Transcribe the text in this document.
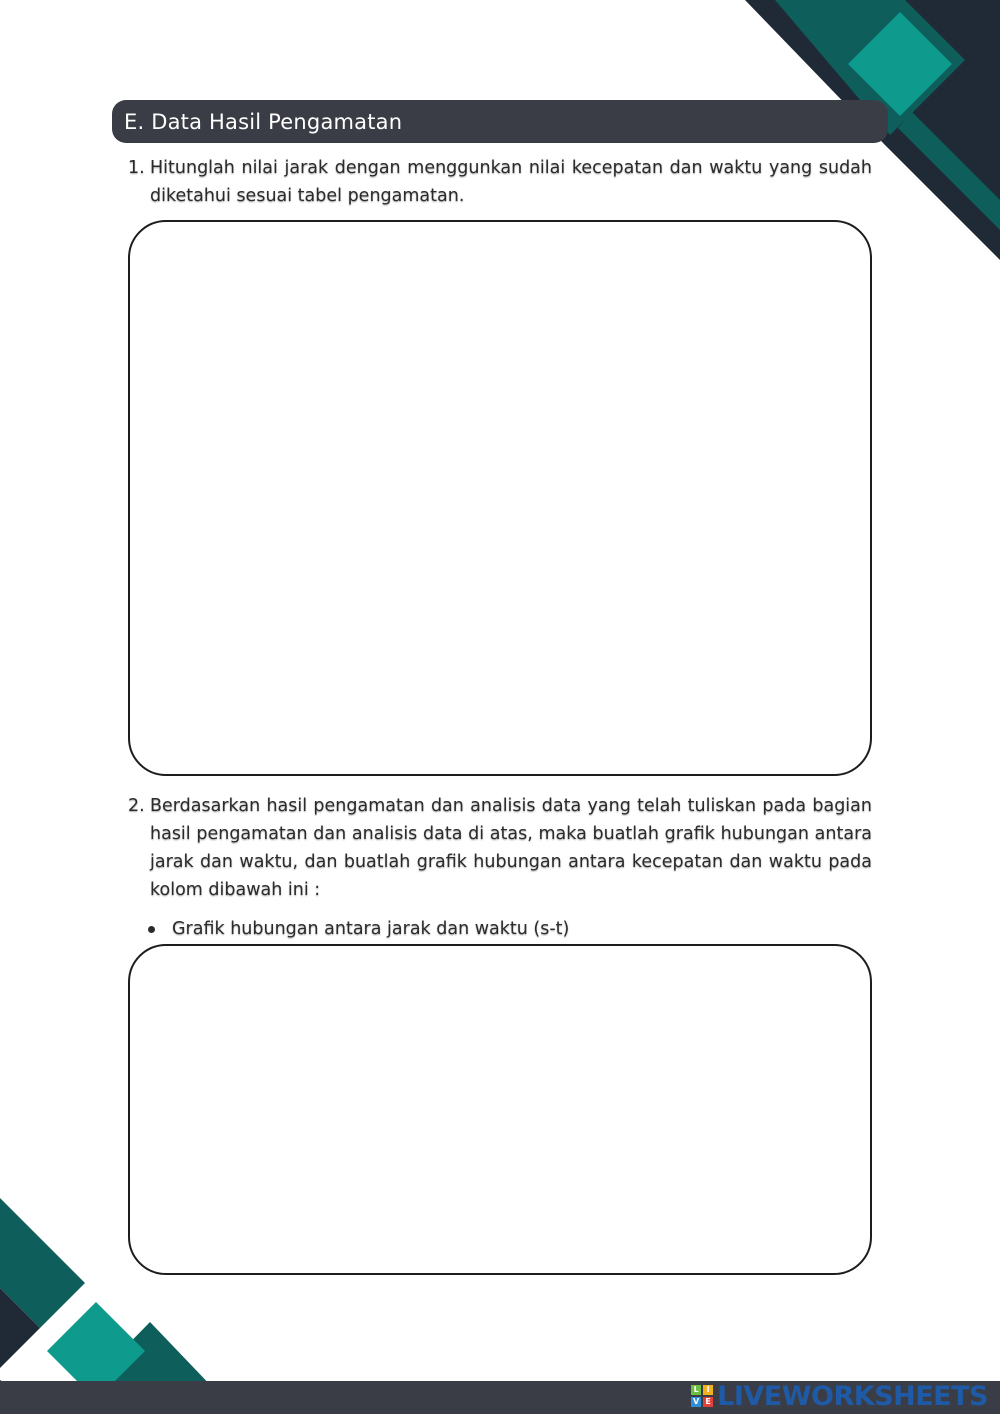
E. Data Hasil Pengamatan
1. Hitunglah nilai jarak dengan menggunkan nilai kecepatan dan waktu yang sudah diketahui sesuai tabel pengamatan.
2. Berdasarkan hasil pengamatan dan analisis data yang telah tuliskan pada bagian hasil pengamatan dan analisis data di atas, maka buatlah grafik hubungan antara jarak dan waktu, dan buatlah grafik hubungan antara kecepatan dan waktu pada kolom dibawah ini :
Grafik hubungan antara jarak dan waktu (s-t)
L I
V E LIVEWORKSHEETS
